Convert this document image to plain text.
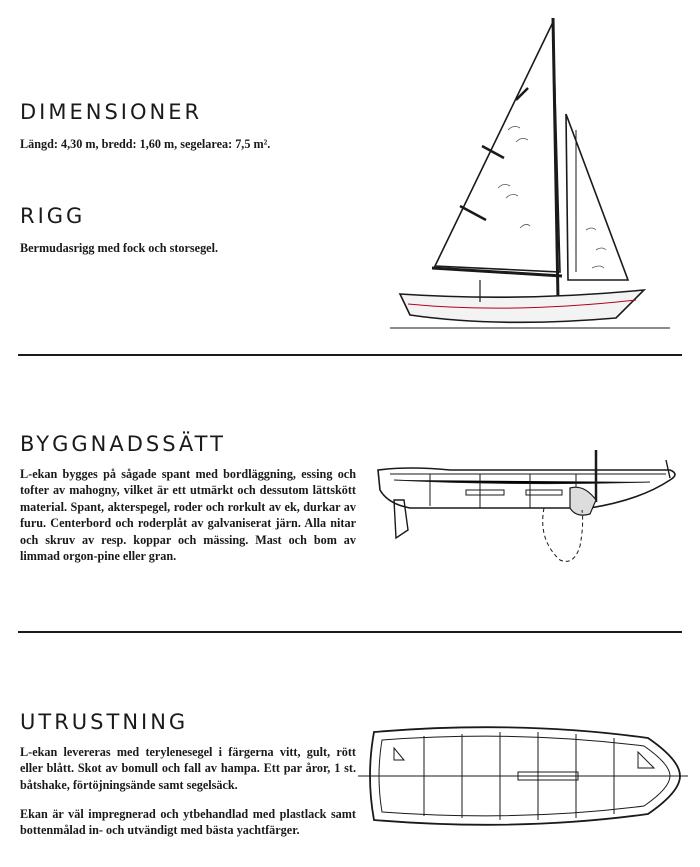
DIMENSIONER

Längd: 4,30 m, bredd: 1,60 m, segelarea: 7,5 m².

RIGG

Bermudasrigg med fock och storsegel.

BYGGNADSSÄTT

L-ekan bygges på sågade spant med bordläggning, essing och tofter av mahogny, vilket är ett utmärkt och dessutom lättskött material. Spant, akterspegel, roder och rorkult av ek, durkar av furu. Centerbord och roderplåt av galvaniserat järn. Alla nitar och skruv av resp. koppar och mässing. Mast och bom av limmad orgon-pine eller gran.

UTRUSTNING

L-ekan levereras med terylenesegel i färgerna vitt, gult, rött eller blått. Skot av bomull och fall av hampa. Ett par åror, 1 st. båtshake, förtöjningsände samt segelsäck.

Ekan är väl impregnerad och ytbehandlad med plastlack samt bottenmålad in- och utvändigt med bästa yachtfärger.
